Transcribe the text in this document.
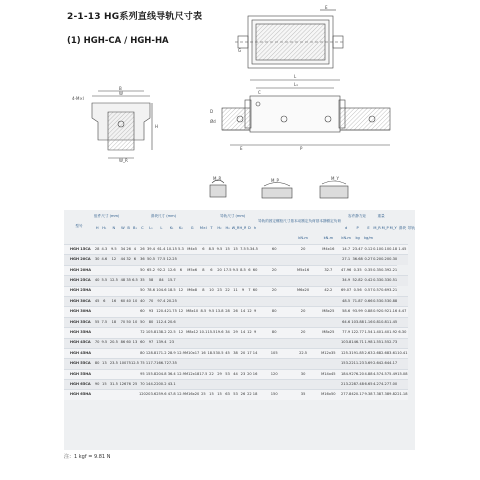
2-1-13 HG系列直线导轨尺寸表
(1) HGH-CA / HGH-HA
E
G
L
L₁
C
E	P
Ød
D
4-M×l
W
B
W_R
H
M_R	M_P	M_Y
型号	组件尺寸 (mm)			滑块尺寸 (mm)										导轨尺寸 (mm)							导轨的固定螺栓尺寸	基本动额定负荷	基本静额定负荷	容许静力矩			重量				
	H	H₁	N	W	B	B₁	C	L₁	L	K₁	K₂	G	M×l	T	H₂	H₃	W_R	H_R	D	h				d	P	E	M_R	M_P	M_Y	滑块	导轨
																						kN-m	kN-m	kN-m	kg	kg/m					
HGH 15CA	28	4.3	9.5	34	26	4	26	39.4	61.4	10.15	5.3	M4x5	6	8.5	9.5	15	15	7.5	5.3	4.5	60	20	M4x16	14.7	23.47	0.12	0.10	0.10	0.18	1.45	
HGH 20CA	30	4.6	12	44	32	6	36	50.5	77.5	12.25														27.1	36.68	0.27	0.20	0.20	0.30		
HGH 20HA							50	65.2	92.2	12.6	6	M5x6	8	6	20	17.5	9.5	8.5	6	60	20	M5x16	32.7	47.96	0.35	0.35	0.35	0.39	2.21		
HGH 25CA	40	5.5	12.5	48	35	6.5	35	58	84	15.7														34.9	52.82	0.42	0.33	0.33	0.51		
HGH 25HA							50	78.6	104.6	18.5	12	M6x8	8	10	23	22	11	9	7	60	20	M6x20	42.2	69.07	0.56	0.57	0.57	0.69	3.21		
HGH 30CA	45	6	16	60	40	10	40	70	97.4	20.25														48.5	71.87	0.66	0.53	0.53	0.88		
HGH 30HA							60	93	120.4	21.75	12	M8x10	8.5	9.5	13.8	28	26	14	12	9	80	20	M8x25	58.6	93.99	0.88	0.92	0.92	1.16	4.47	
HGH 35CA	55	7.5	18	70	50	10	50	80	112.4	20.6														64.6	103.88	1.16	0.81	0.81	1.45		
HGH 35HA							72	105.8	138.2	22.5	12	M8x12	10.1	15.5	19.6	34	29	14	12	9	80	20	M8x25	77.9	122.77	1.54	1.40	1.40	1.92	6.30	
HGH 45CA	70	9.5	20.5	86	60	13	60	97	139.4	23														103.8	146.71	1.98	1.55	1.55	2.73		
HGH 45HA							80	128.8	171.2	28.9	12.9	M10x17	16	18.5	30.5	45	38	20	17	14	105	22.5	M12x35	125.3	191.85	2.63	2.68	2.68	3.61	10.41	
HGH 55CA	80	13	23.5	100	75	12.5	75	117.7	166.7	27.35														153.2	211.23	3.69	2.64	2.64	4.17		
HGH 55HA							95	155.8	204.8	36.4	12.9	M12x18	17.5	22	29	53	44	23	20	16	120	30	M14x45	184.9	276.20	4.88	4.57	4.57	5.49	15.08	
HGH 65CA	90	15	31.5	126	76	25	70	144.2	200.2	43.1														213.2	287.48	6.65	4.27	4.27	7.00		
HGH 65HA							120	203.6	259.6	47.8	12.9	M16x20	25	15	15	63	53	26	22	18	150	35	M16x50	277.8	420.17	9.38	7.38	7.38	9.82	21.18	
注：1 kgf = 9.81 N
